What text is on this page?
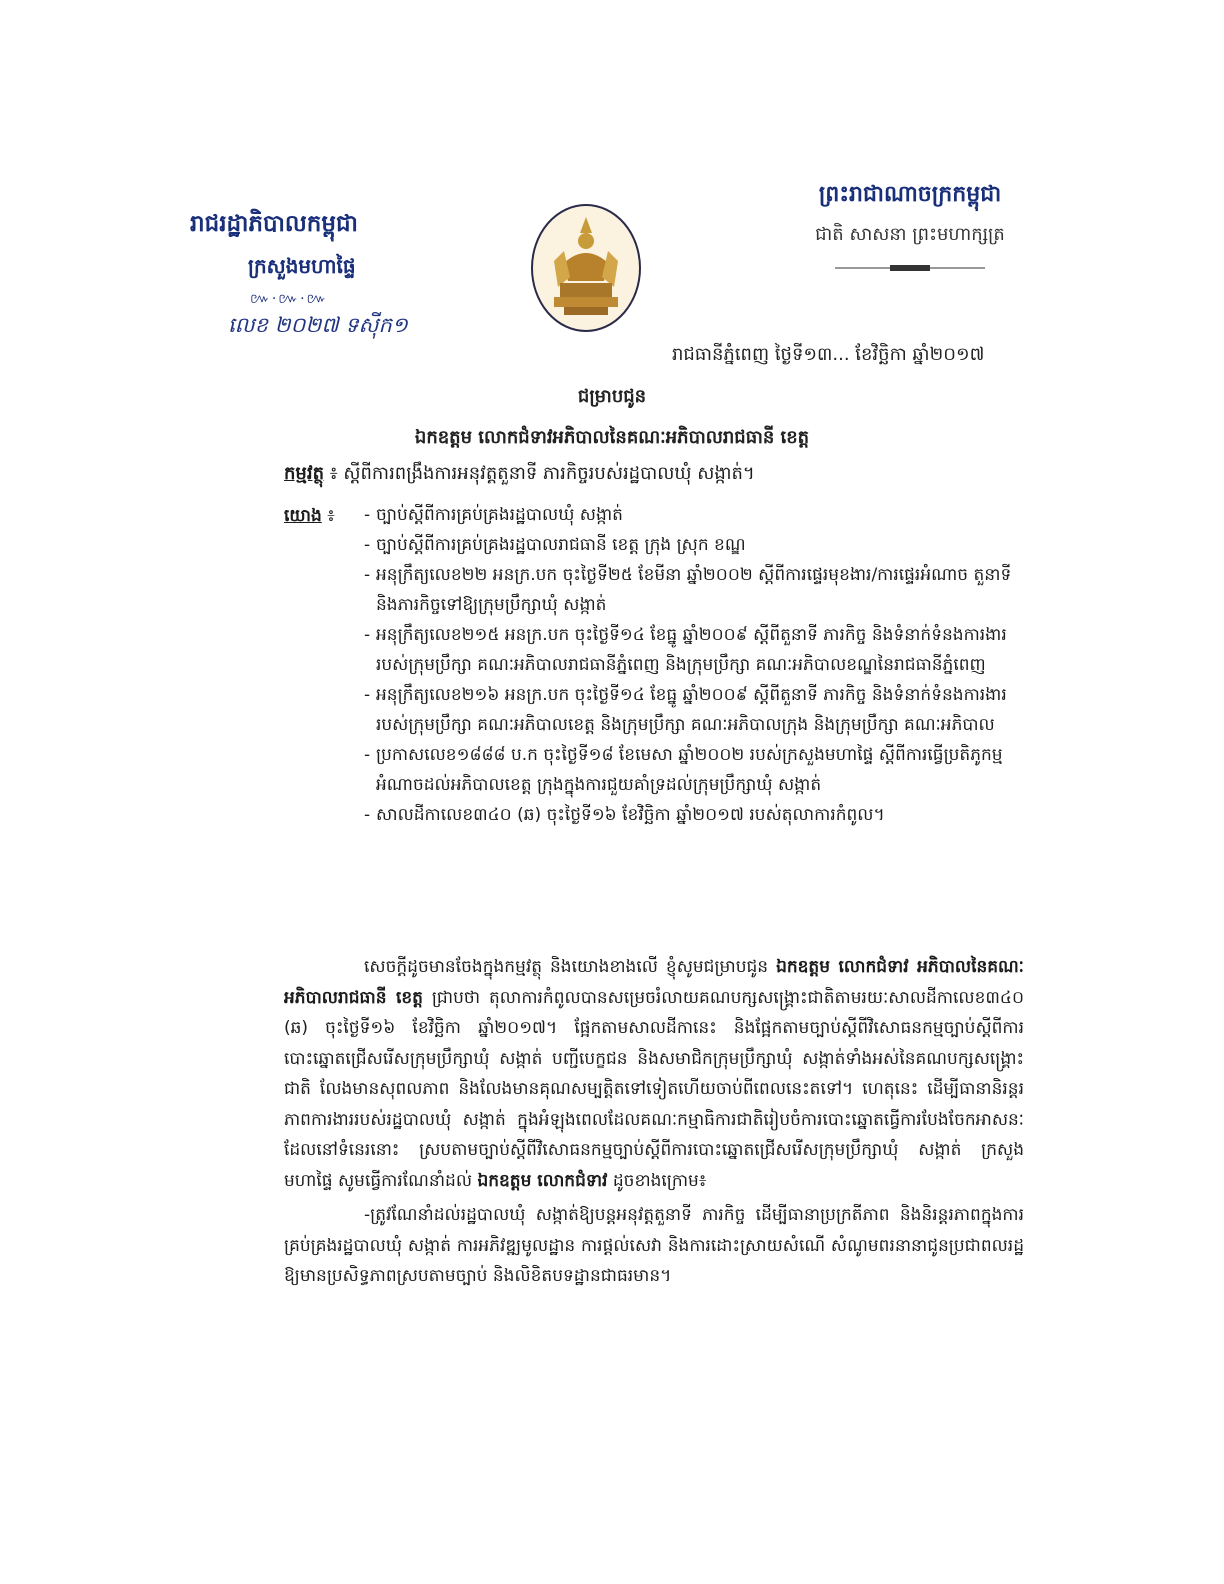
រាជរដ្ឋាភិបាលកម្ពុជា
ក្រសួងមហាផ្ទៃ
៚·៚·៚
លេខ ២០២៧ ទស៊ីក១
ព្រះរាជាណាចក្រកម្ពុជា
ជាតិ សាសនា ព្រះមហាក្សត្រ
រាជធានីភ្នំពេញ ថ្ងៃទី១៣... ខែវិច្ឆិកា ឆ្នាំ២០១៧
ជម្រាបជូន
ឯកឧត្តម លោកជំទាវអភិបាលនៃគណៈអភិបាលរាជធានី ខេត្ត
កម្មវត្ថុ ៖ ស្តីពីការពង្រឹងការអនុវត្តតួនាទី ភារកិច្ចរបស់រដ្ឋបាលឃុំ សង្កាត់។
យោង ៖
-	ច្បាប់ស្តីពីការគ្រប់គ្រងរដ្ឋបាលឃុំ សង្កាត់
- ច្បាប់ស្តីពីការគ្រប់គ្រងរដ្ឋបាលរាជធានី ខេត្ត ក្រុង ស្រុក ខណ្ឌ
- អនុក្រឹត្យលេខ២២ អនក្រ.បក ចុះថ្ងៃទី២៥ ខែមីនា ឆ្នាំ២០០២ ស្តីពីការផ្ទេរមុខងារ/ការផ្ទេរអំណាច តួនាទី និងភារកិច្ចទៅឱ្យក្រុមប្រឹក្សាឃុំ សង្កាត់
- អនុក្រឹត្យលេខ២១៥ អនក្រ.បក ចុះថ្ងៃទី១៤ ខែធ្នូ ឆ្នាំ២០០៩ ស្តីពីតួនាទី ភារកិច្ច និងទំនាក់ទំនងការងាររបស់ក្រុមប្រឹក្សា គណៈអភិបាលរាជធានីភ្នំពេញ និងក្រុមប្រឹក្សា គណៈអភិបាលខណ្ឌនៃរាជធានីភ្នំពេញ
- អនុក្រឹត្យលេខ២១៦ អនក្រ.បក ចុះថ្ងៃទី១៤ ខែធ្នូ ឆ្នាំ២០០៩ ស្តីពីតួនាទី ភារកិច្ច និងទំនាក់ទំនងការងាររបស់ក្រុមប្រឹក្សា គណៈអភិបាលខេត្ត និងក្រុមប្រឹក្សា គណៈអភិបាលក្រុង និងក្រុមប្រឹក្សា គណៈអភិបាល
- ប្រកាសលេខ១៨៨៨ ប.ក ចុះថ្ងៃទី១៨ ខែមេសា ឆ្នាំ២០០២ របស់ក្រសួងមហាផ្ទៃ ស្តីពីការធ្វើប្រតិភូកម្មអំណាចដល់អភិបាលខេត្ត ក្រុងក្នុងការជួយគាំទ្រដល់ក្រុមប្រឹក្សាឃុំ សង្កាត់
- សាលដីកាលេខ៣៤០ (ឆ) ចុះថ្ងៃទី១៦ ខែវិច្ឆិកា ឆ្នាំ២០១៧ របស់តុលាការកំពូល។

សេចក្តីដូចមានចែងក្នុងកម្មវត្ថុ និងយោងខាងលើ ខ្ញុំសូមជម្រាបជូន ឯកឧត្តម លោកជំទាវ អភិបាលនៃគណៈអភិបាលរាជធានី ខេត្ត ជ្រាបថា តុលាការកំពូលបានសម្រេចរំលាយគណបក្សសង្គ្រោះជាតិតាមរយៈសាលដីកាលេខ៣៤០ (ឆ) ចុះថ្ងៃទី១៦ ខែវិច្ឆិកា ឆ្នាំ២០១៧។ ផ្អែកតាមសាលដីកានេះ និងផ្អែកតាមច្បាប់ស្តីពីវិសោធនកម្មច្បាប់ស្តីពីការបោះឆ្នោតជ្រើសរើសក្រុមប្រឹក្សាឃុំ សង្កាត់ បញ្ជីបេក្ខជន និងសមាជិកក្រុមប្រឹក្សាឃុំ សង្កាត់ទាំងអស់នៃគណបក្សសង្គ្រោះជាតិ លែងមានសុពលភាព និងលែងមានគុណសម្បត្តិតទៅទៀតហើយចាប់ពីពេលនេះតទៅ។ ហេតុនេះ ដើម្បីធានានិរន្តរភាពការងាររបស់រដ្ឋបាលឃុំ សង្កាត់ ក្នុងអំឡុងពេលដែលគណៈកម្មាធិការជាតិរៀបចំការបោះឆ្នោតធ្វើការបែងចែកអាសនៈដែលនៅទំនេរនោះ ស្របតាមច្បាប់ស្តីពីវិសោធនកម្មច្បាប់ស្តីពីការបោះឆ្នោតជ្រើសរើសក្រុមប្រឹក្សាឃុំ សង្កាត់ ក្រសួងមហាផ្ទៃ សូមធ្វើការណែនាំដល់ ឯកឧត្តម លោកជំទាវ ដូចខាងក្រោម៖

-ត្រូវណែនាំដល់រដ្ឋបាលឃុំ សង្កាត់ឱ្យបន្តអនុវត្តតួនាទី ភារកិច្ច ដើម្បីធានាប្រក្រតីភាព និងនិរន្តរភាពក្នុងការគ្រប់គ្រងរដ្ឋបាលឃុំ សង្កាត់ ការអភិវឌ្ឍមូលដ្ឋាន ការផ្តល់សេវា និងការដោះស្រាយសំណើ សំណូមពរនានាជូនប្រជាពលរដ្ឋឱ្យមានប្រសិទ្ធភាពស្របតាមច្បាប់ និងលិខិតបទដ្ឋានជាធរមាន។
